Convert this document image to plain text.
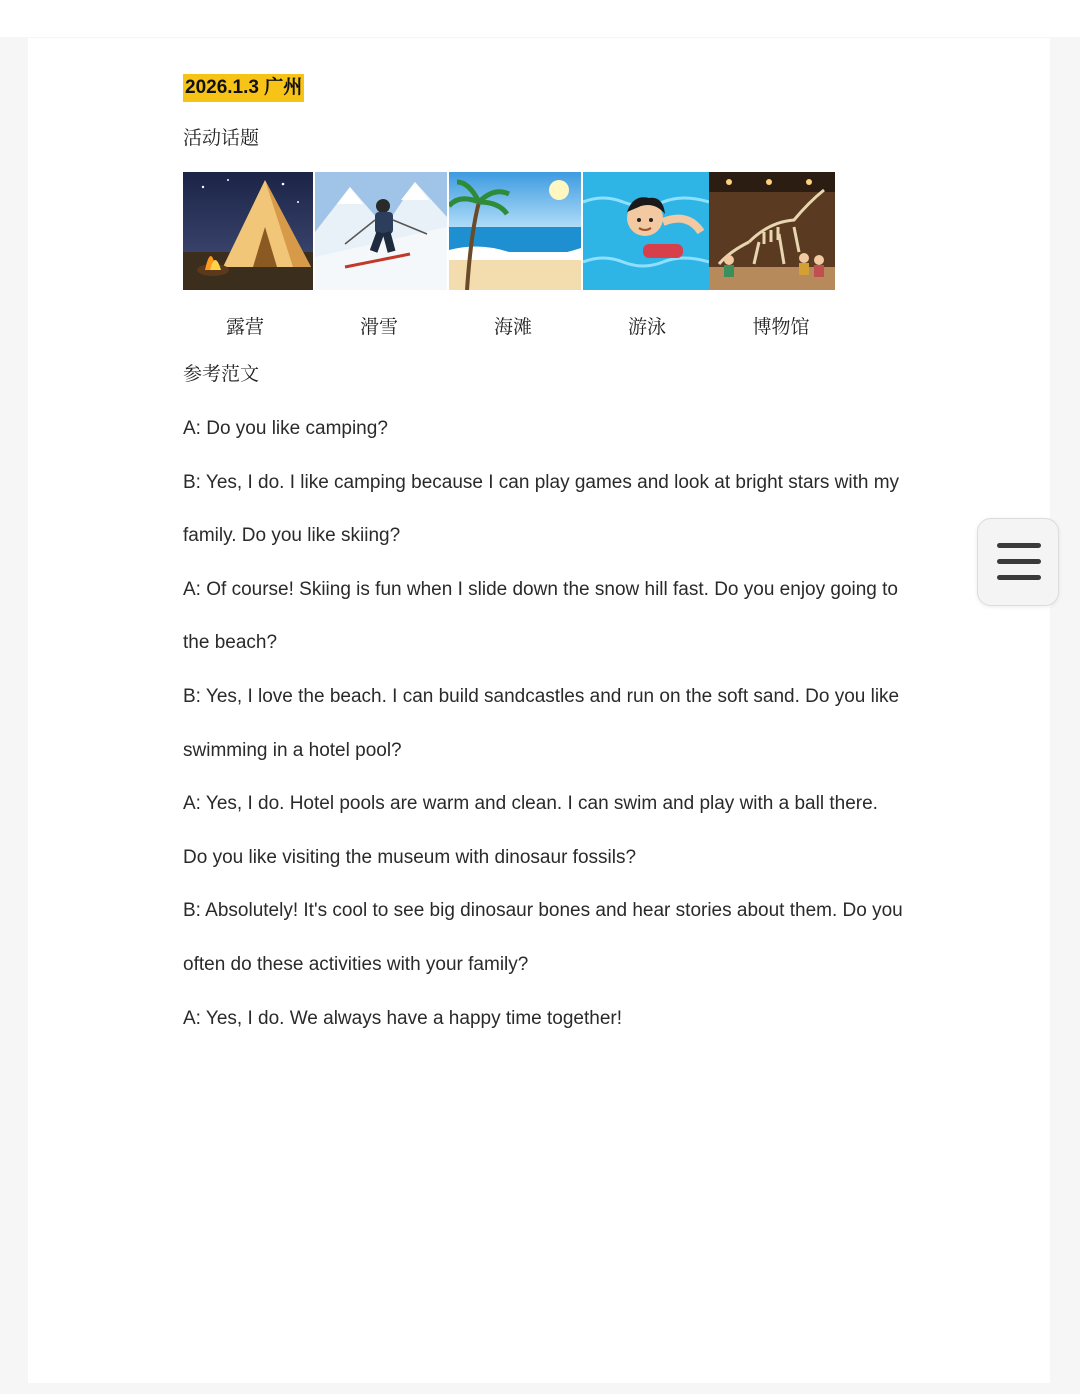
2026.1.3 广州
活动话题
露营	滑雪	海滩	游泳	博物馆
参考范文

A: Do you like camping?

B: Yes, I do. I like camping because I can play games and look at bright stars with my family. Do you like skiing?

A: Of course! Skiing is fun when I slide down the snow hill fast. Do you enjoy going to the beach?

B: Yes, I love the beach. I can build sandcastles and run on the soft sand. Do you like swimming in a hotel pool?

A: Yes, I do. Hotel pools are warm and clean. I can swim and play with a ball there. Do you like visiting the museum with dinosaur fossils?

B: Absolutely! It's cool to see big dinosaur bones and hear stories about them. Do you often do these activities with your family?

A: Yes, I do. We always have a happy time together!
